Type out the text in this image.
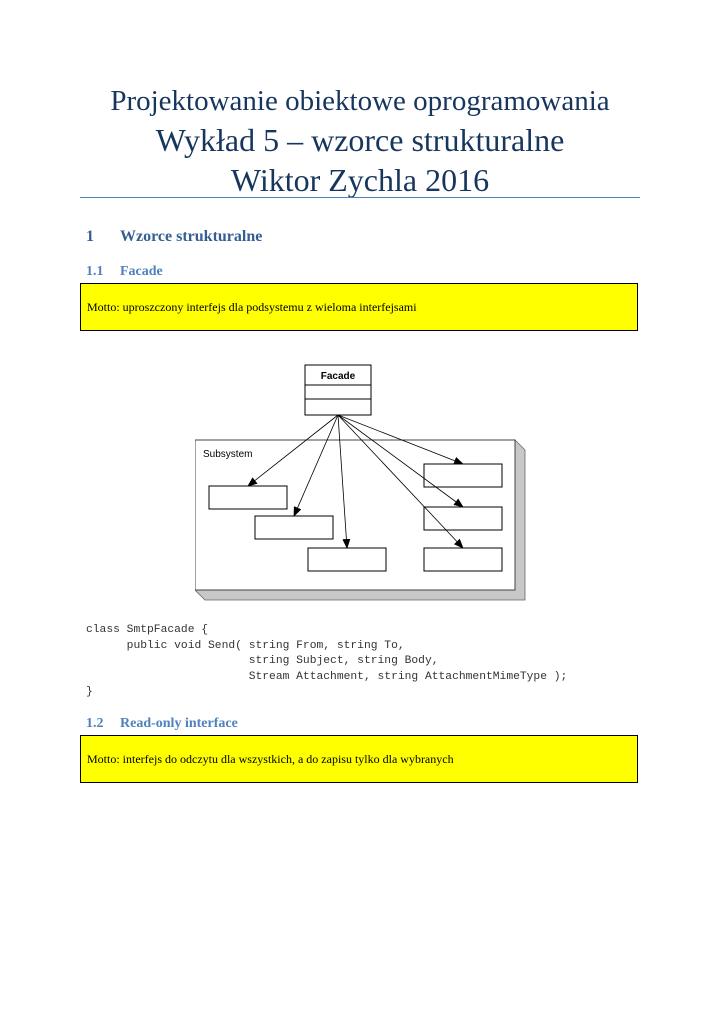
Projektowanie obiektowe oprogramowania
Wykład 5 – wzorce strukturalne
Wiktor Zychla 2016
1 Wzorce strukturalne
1.1 Facade
Motto: uproszczony interfejs dla podsystemu z wieloma interfejsami
Subsystem
Facade
class SmtpFacade {
public void Send( string From, string To,
string Subject, string Body,
Stream Attachment, string AttachmentMimeType );
}
1.2 Read-only interface
Motto: interfejs do odczytu dla wszystkich, a do zapisu tylko dla wybranych
